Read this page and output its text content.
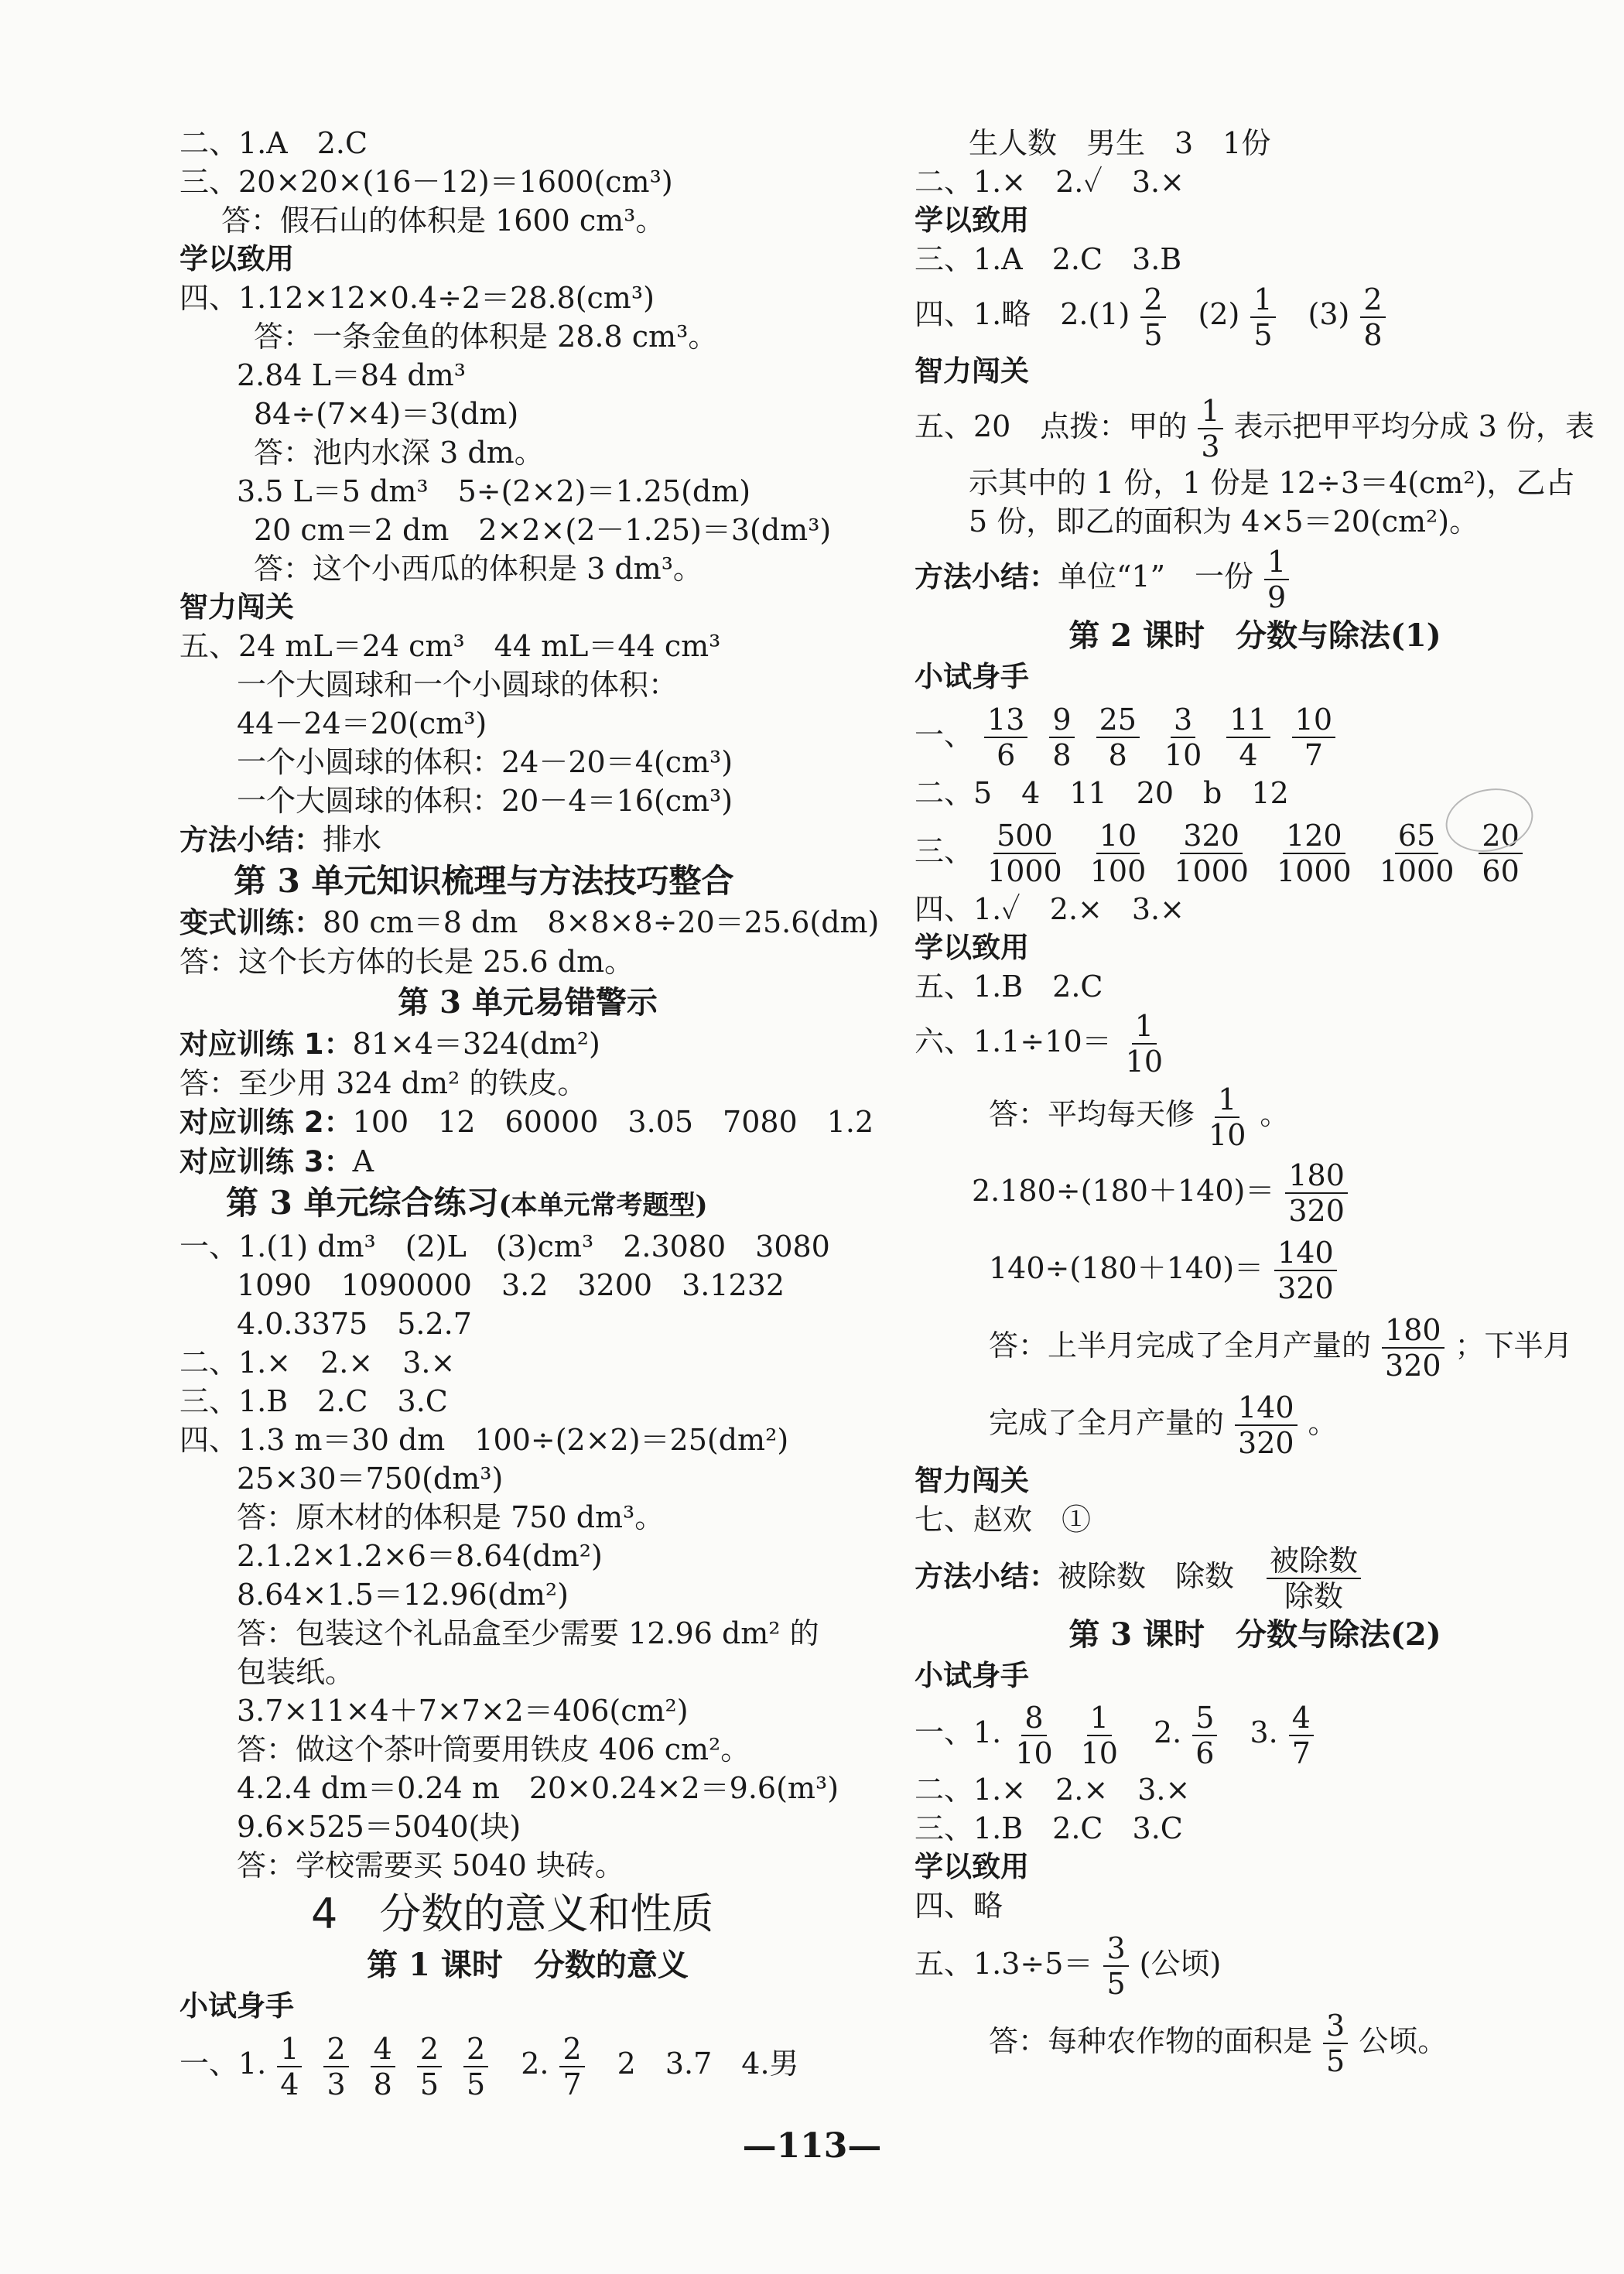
二、1.A　2.C
三、20×20×(16－12)＝1600(cm³)
答：假石山的体积是 1600 cm³。
学以致用
四、1.12×12×0.4÷2＝28.8(cm³)
答：一条金鱼的体积是 28.8 cm³。
2.84 L＝84 dm³
84÷(7×4)＝3(dm)
答：池内水深 3 dm。
3.5 L＝5 dm³　5÷(2×2)＝1.25(dm)
20 cm＝2 dm　2×2×(2－1.25)＝3(dm³)
答：这个小西瓜的体积是 3 dm³。
智力闯关
五、24 mL＝24 cm³　44 mL＝44 cm³
一个大圆球和一个小圆球的体积：
44－24＝20(cm³)
一个小圆球的体积：24－20＝4(cm³)
一个大圆球的体积：20－4＝16(cm³)
方法小结：排水
第 3 单元知识梳理与方法技巧整合
变式训练：80 cm＝8 dm　8×8×8÷20＝25.6(dm)
答：这个长方体的长是 25.6 dm。
第 3 单元易错警示
对应训练 1：81×4＝324(dm²)
答：至少用 324 dm² 的铁皮。
对应训练 2：100　12　60000　3.05　7080　1.2
对应训练 3：A
第 3 单元综合练习(本单元常考题型)
一、1.(1) dm³　(2)L　(3)cm³　2.3080　3080
1090　1090000　3.2　3200　3.1232
4.0.3375　5.2.7
二、1.×　2.×　3.×
三、1.B　2.C　3.C
四、1.3 m＝30 dm　100÷(2×2)＝25(dm²)
25×30＝750(dm³)
答：原木材的体积是 750 dm³。
2.1.2×1.2×6＝8.64(dm²)
8.64×1.5＝12.96(dm²)
答：包装这个礼品盒至少需要 12.96 dm² 的
包装纸。
3.7×11×4＋7×7×2＝406(cm²)
答：做这个茶叶筒要用铁皮 406 cm²。
4.2.4 dm＝0.24 m　20×0.24×2＝9.6(m³)
9.6×525＝5040(块)
答：学校需要买 5040 块砖。
4　分数的意义和性质
第 1 课时　分数的意义
小试身手
一、1. $\frac{1}{4} \frac{2}{3} \frac{4}{8} \frac{2}{5} \frac{2}{5} 2$. $\frac{2}{7} 2$　3.7　4.男
生人数　男生　3　1份
二、1.×　2.✓　3.×
学以致用
三、1.A　2.C　3.B
四、1.略　$2.(1) \frac{2}{5} (2) \frac{1}{5} (3) \frac{2}{8}$
智力闯关
五、20　点拨：甲的 $\frac{1}{3}$ 表示把甲平均分成 3 份，表
示其中的 1 份，1 份是 12÷3＝4(cm²)，乙占
5 份，即乙的面积为 4×5＝20(cm²)。
方法小结：单位“1”　一份 $\frac{1}{9}$
第 2 课时　分数与除法(1)
小试身手
一、 $\frac{13}{6} \frac{9}{8} \frac{25}{8} \frac{3}{10} \frac{11}{4} \frac{10}{7}$
二、5　4　11　20　b　12
三、 $\frac{500}{1000} \frac{10}{100} \frac{320}{1000} \frac{120}{1000} \frac{65}{1000} \frac{20}{60}$
四、1.✓　2.×　3.×
学以致用
五、1.B　2.C
六、$1.1\div 10= \frac{1}{10}$
答：平均每天修 $\frac{1}{10}$ 。
$2.180\div(180+140)= \frac{180}{320}$
$140\div(180+140)= \frac{140}{320}$
答：上半月完成了全月产量的 $\frac{180}{320}$ ；下半月
完成了全月产量的 $\frac{140}{320}$ 。
智力闯关
七、赵欢　①
方法小结：被除数　除数 $\frac{\text{被除数}}{\text{除数}}$
第 3 课时　分数与除法(2)
小试身手
一、1. $\frac{8}{10} \frac{1}{10} 2$. $\frac{5}{6} 3$. $\frac{4}{7}$
二、1.×　2.×　3.×
三、1.B　2.C　3.C
学以致用
四、略
五、$1.3\div 5= \frac{3}{5}$ (公顷)
答：每种农作物的面积是 $\frac{3}{5}$ 公顷。
—113—
